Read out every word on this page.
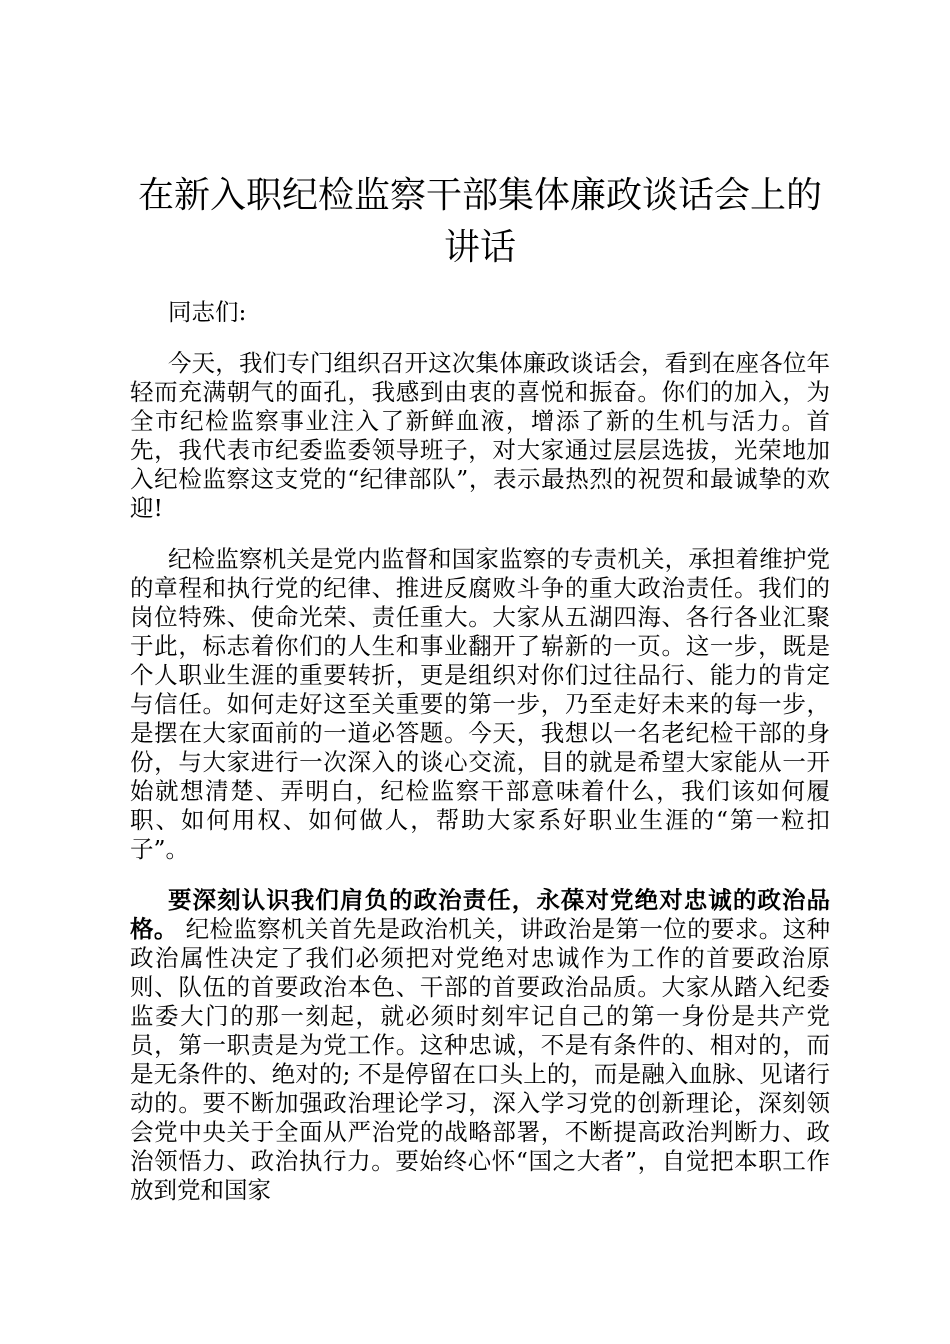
在新入职纪检监察干部集体廉政谈话会上的讲话

同志们:

今天，我们专门组织召开这次集体廉政谈话会，看到在座各位年轻而充满朝气的面孔，我感到由衷的喜悦和振奋。你们的加入，为全市纪检监察事业注入了新鲜血液，增添了新的生机与活力。首先，我代表市纪委监委领导班子，对大家通过层层选拔，光荣地加入纪检监察这支党的“纪律部队”，表示最热烈的祝贺和最诚挚的欢迎!

纪检监察机关是党内监督和国家监察的专责机关，承担着维护党的章程和执行党的纪律、推进反腐败斗争的重大政治责任。我们的岗位特殊、使命光荣、责任重大。大家从五湖四海、各行各业汇聚于此，标志着你们的人生和事业翻开了崭新的一页。这一步，既是个人职业生涯的重要转折，更是组织对你们过往品行、能力的肯定与信任。如何走好这至关重要的第一步，乃至走好未来的每一步，是摆在大家面前的一道必答题。今天，我想以一名老纪检干部的身份，与大家进行一次深入的谈心交流，目的就是希望大家能从一开始就想清楚、弄明白，纪检监察干部意味着什么，我们该如何履职、如何用权、如何做人，帮助大家系好职业生涯的“第一粒扣子”。

要深刻认识我们肩负的政治责任，永葆对党绝对忠诚的政治品格。 纪检监察机关首先是政治机关，讲政治是第一位的要求。这种政治属性决定了我们必须把对党绝对忠诚作为工作的首要政治原则、队伍的首要政治本色、干部的首要政治品质。大家从踏入纪委监委大门的那一刻起，就必须时刻牢记自己的第一身份是共产党员，第一职责是为党工作。这种忠诚，不是有条件的、相对的，而是无条件的、绝对的; 不是停留在口头上的，而是融入血脉、见诸行动的。要不断加强政治理论学习，深入学习党的创新理论，深刻领会党中央关于全面从严治党的战略部署，不断提高政治判断力、政治领悟力、政治执行力。要始终心怀“国之大者”，自觉把本职工作放到党和国家
